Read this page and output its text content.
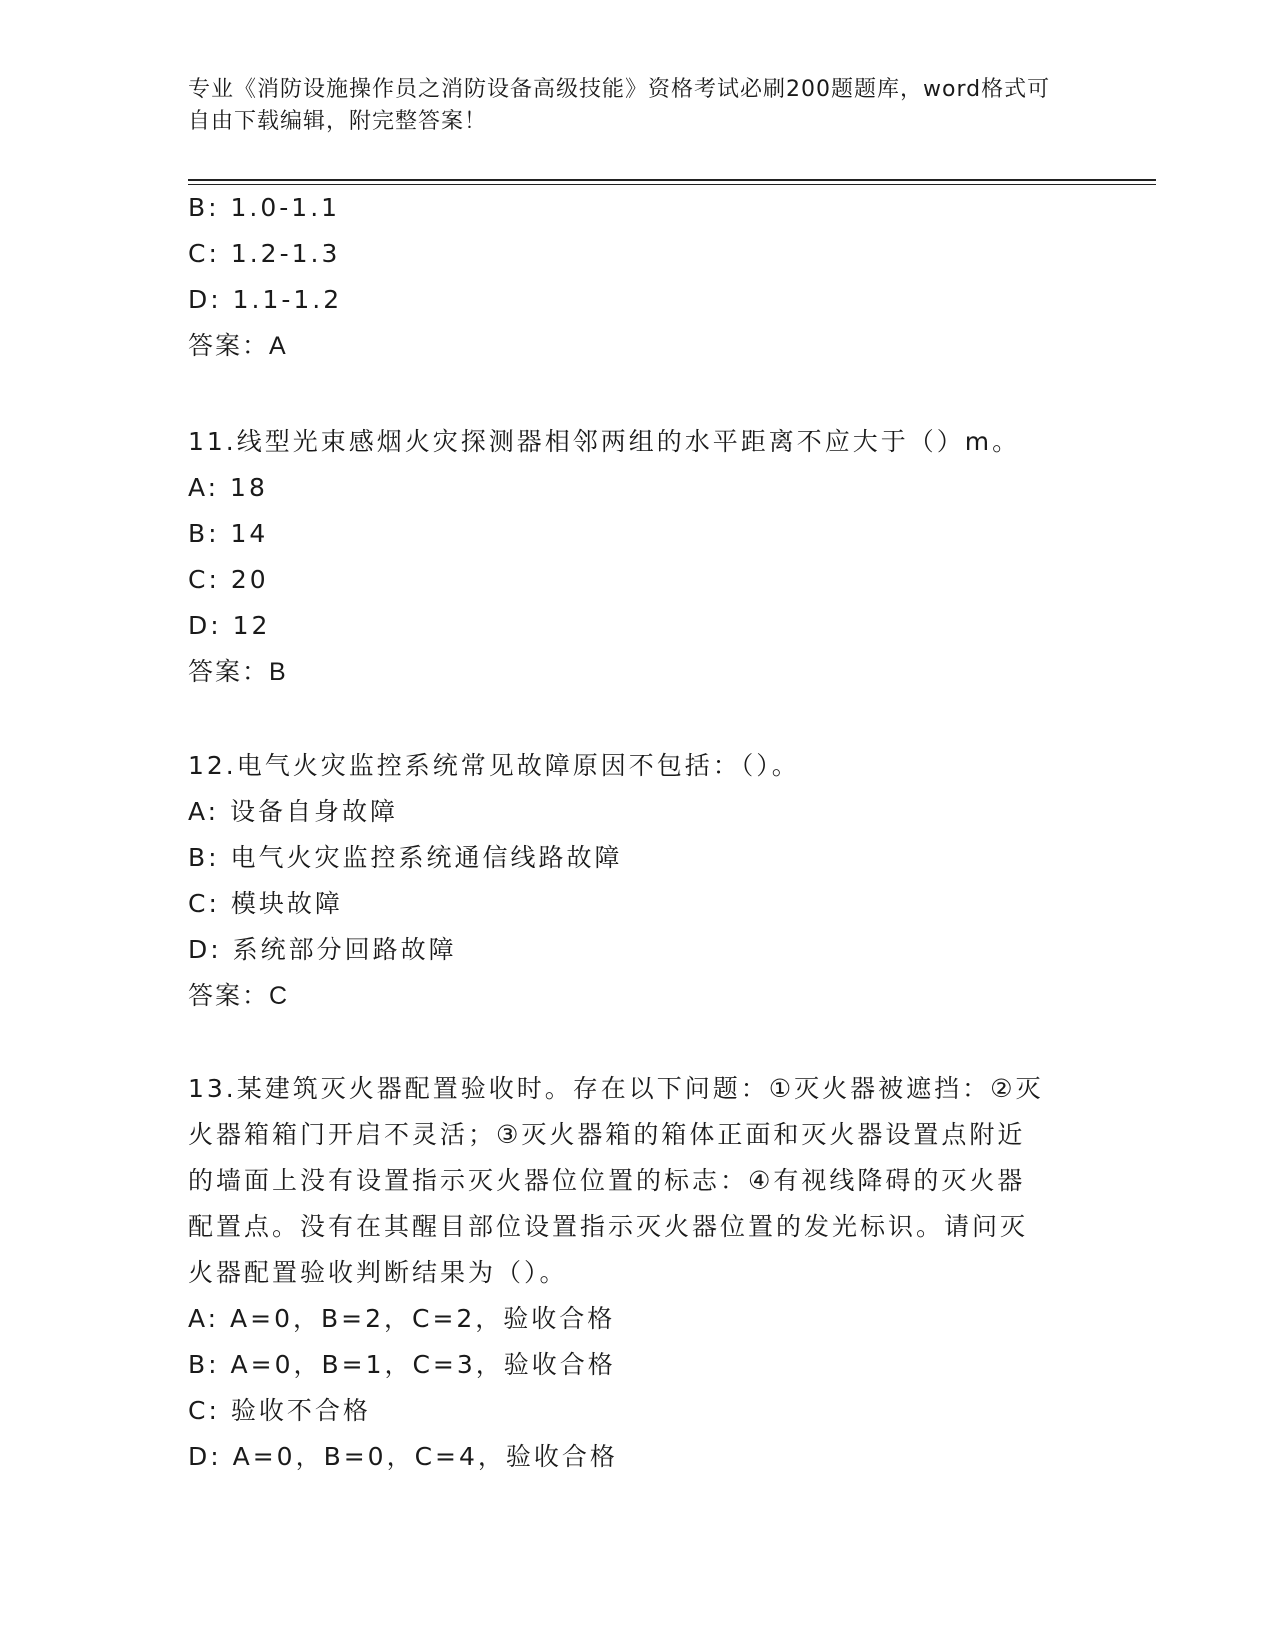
专业《消防设施操作员之消防设备高级技能》资格考试必刷200题题库，word格式可自由下载编辑，附完整答案！
B: 1.0-1.1
C: 1.2-1.3
D: 1.1-1.2
答案：A
11.线型光束感烟火灾探测器相邻两组的水平距离不应大于（）m。
A: 18
B: 14
C: 20
D: 12
答案：B
12.电气火灾监控系统常见故障原因不包括：（）。
A: 设备自身故障
B: 电气火灾监控系统通信线路故障
C: 模块故障
D: 系统部分回路故障
答案：C
13.某建筑灭火器配置验收时。存在以下问题：①灭火器被遮挡：②灭
火器箱箱门开启不灵活；③灭火器箱的箱体正面和灭火器设置点附近
的墙面上没有设置指示灭火器位位置的标志：④有视线降碍的灭火器
配置点。没有在其醒目部位设置指示灭火器位置的发光标识。请问灭
火器配置验收判断结果为（）。
A: A=0，B=2，C=2，验收合格
B: A=0，B=1，C=3，验收合格
C: 验收不合格
D: A=0，B=0，C=4，验收合格
